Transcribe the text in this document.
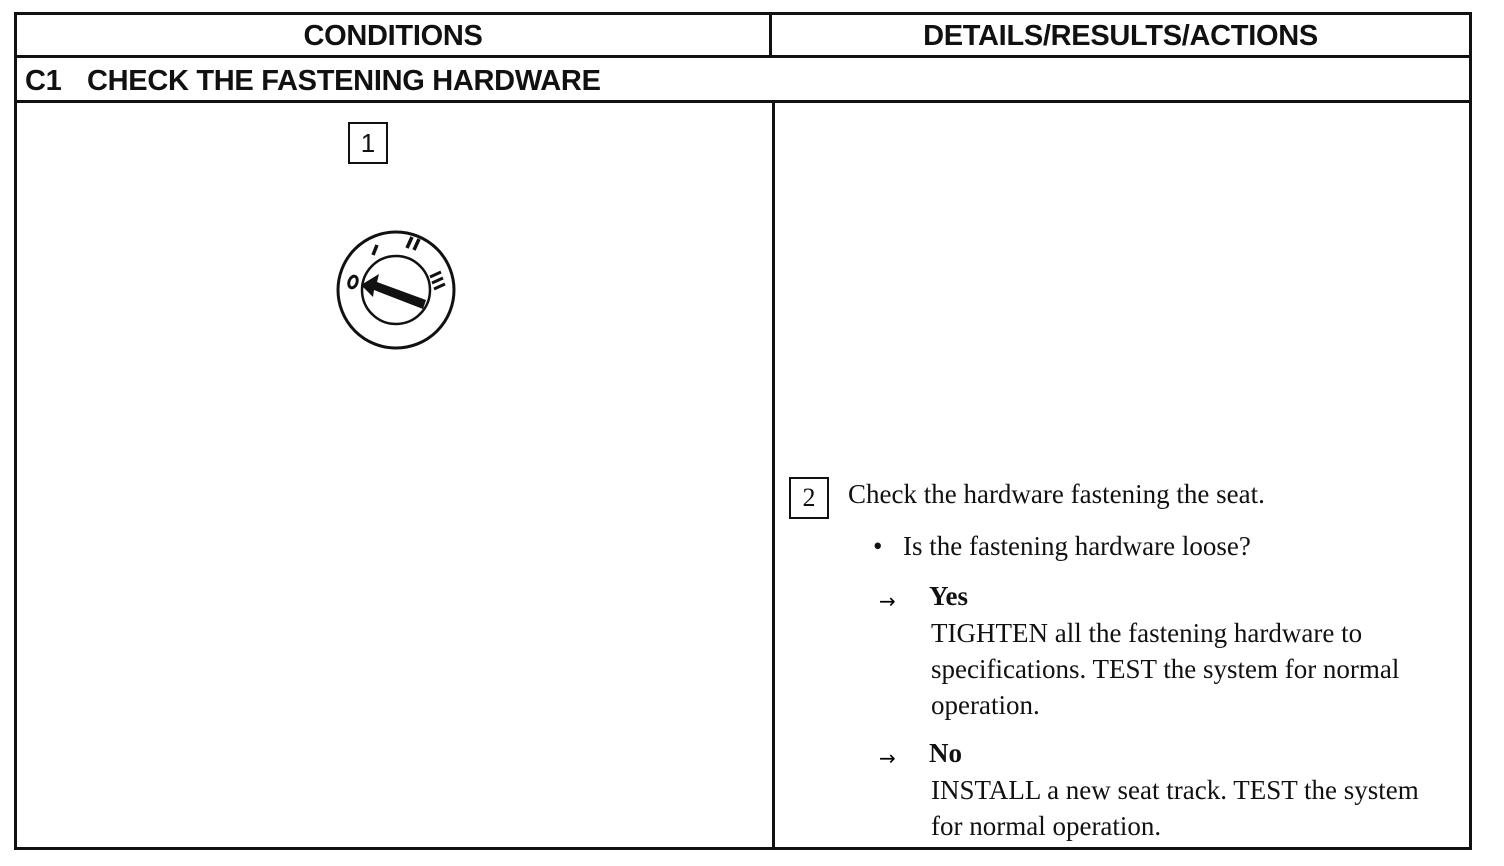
CONDITIONS	DETAILS/RESULTS/ACTIONS
C1 CHECK THE FASTENING HARDWARE
1
2	Check the hardware fastening the seat.
• Is the fastening hardware loose?
→ Yes
TIGHTEN all the fastening hardware to specifications. TEST the system for normal operation.
→ No
INSTALL a new seat track. TEST the system for normal operation.
